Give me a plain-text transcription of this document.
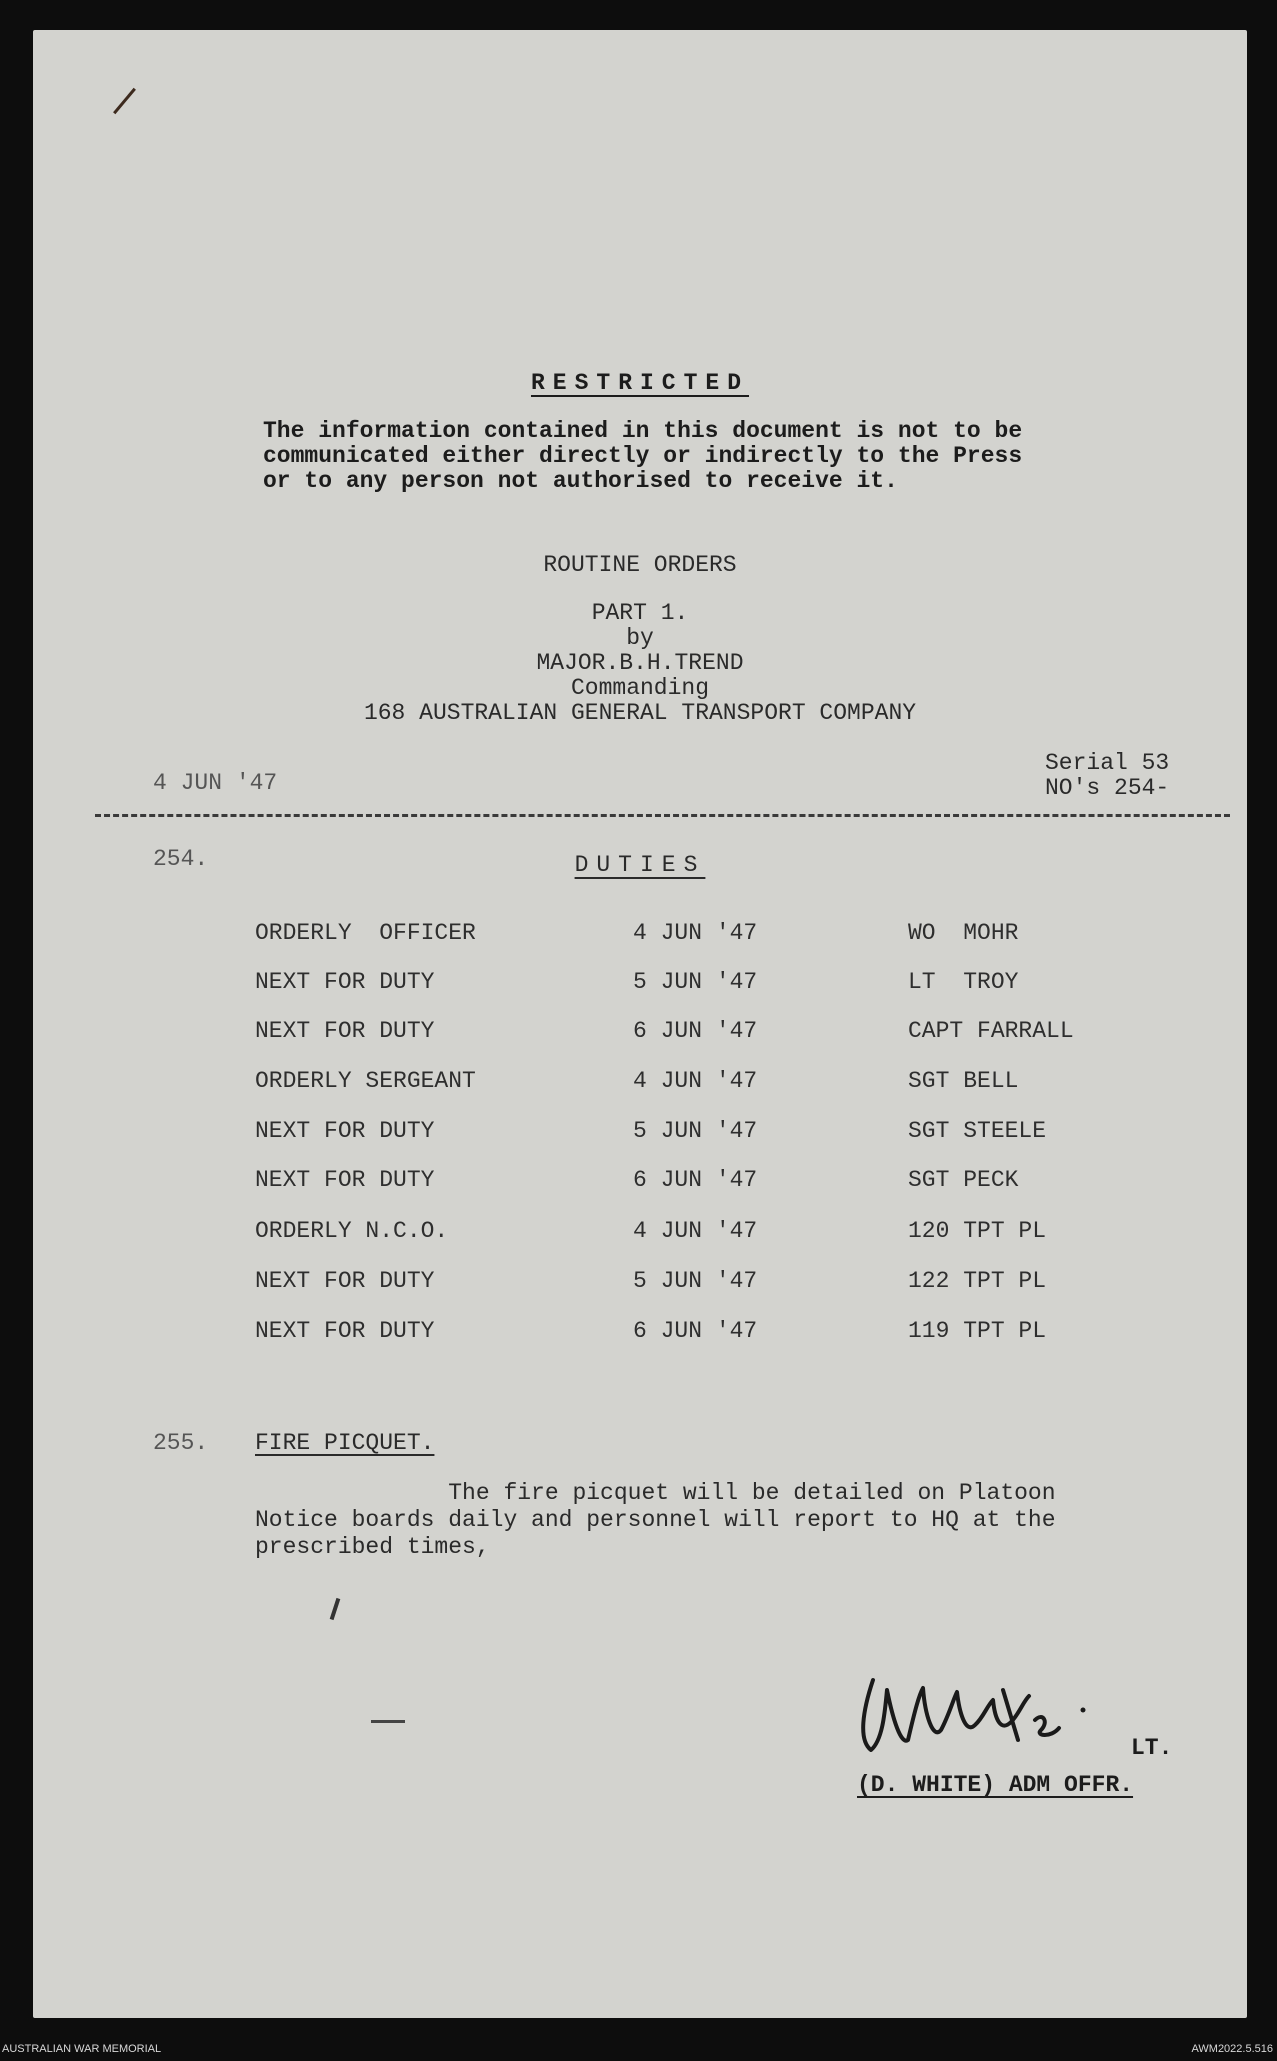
RESTRICTED
The information contained in this document is not to be
communicated either directly or indirectly to the Press
or to any person not authorised to receive it.
ROUTINE ORDERS
PART 1.
by
MAJOR.B.H.TREND
Commanding
168 AUSTRALIAN GENERAL TRANSPORT COMPANY
4 JUN '47
Serial 53
NO's 254-
254.	DUTIES
ORDERLY  OFFICER	4 JUN '47	WO  MOHR
NEXT FOR DUTY	5 JUN '47	LT  TROY
NEXT FOR DUTY	6 JUN '47	CAPT FARRALL
ORDERLY SERGEANT	4 JUN '47	SGT BELL
NEXT FOR DUTY	5 JUN '47	SGT STEELE
NEXT FOR DUTY	6 JUN '47	SGT PECK
ORDERLY N.C.O.	4 JUN '47	120 TPT PL
NEXT FOR DUTY	5 JUN '47	122 TPT PL
NEXT FOR DUTY	6 JUN '47	119 TPT PL
255. FIRE PICQUET.
The fire picquet will be detailed on Platoon
Notice boards daily and personnel will report to HQ at the
prescribed times,
LT.
(D. WHITE) ADM OFFR.
AUSTRALIAN WAR MEMORIAL	AWM2022.5.516
